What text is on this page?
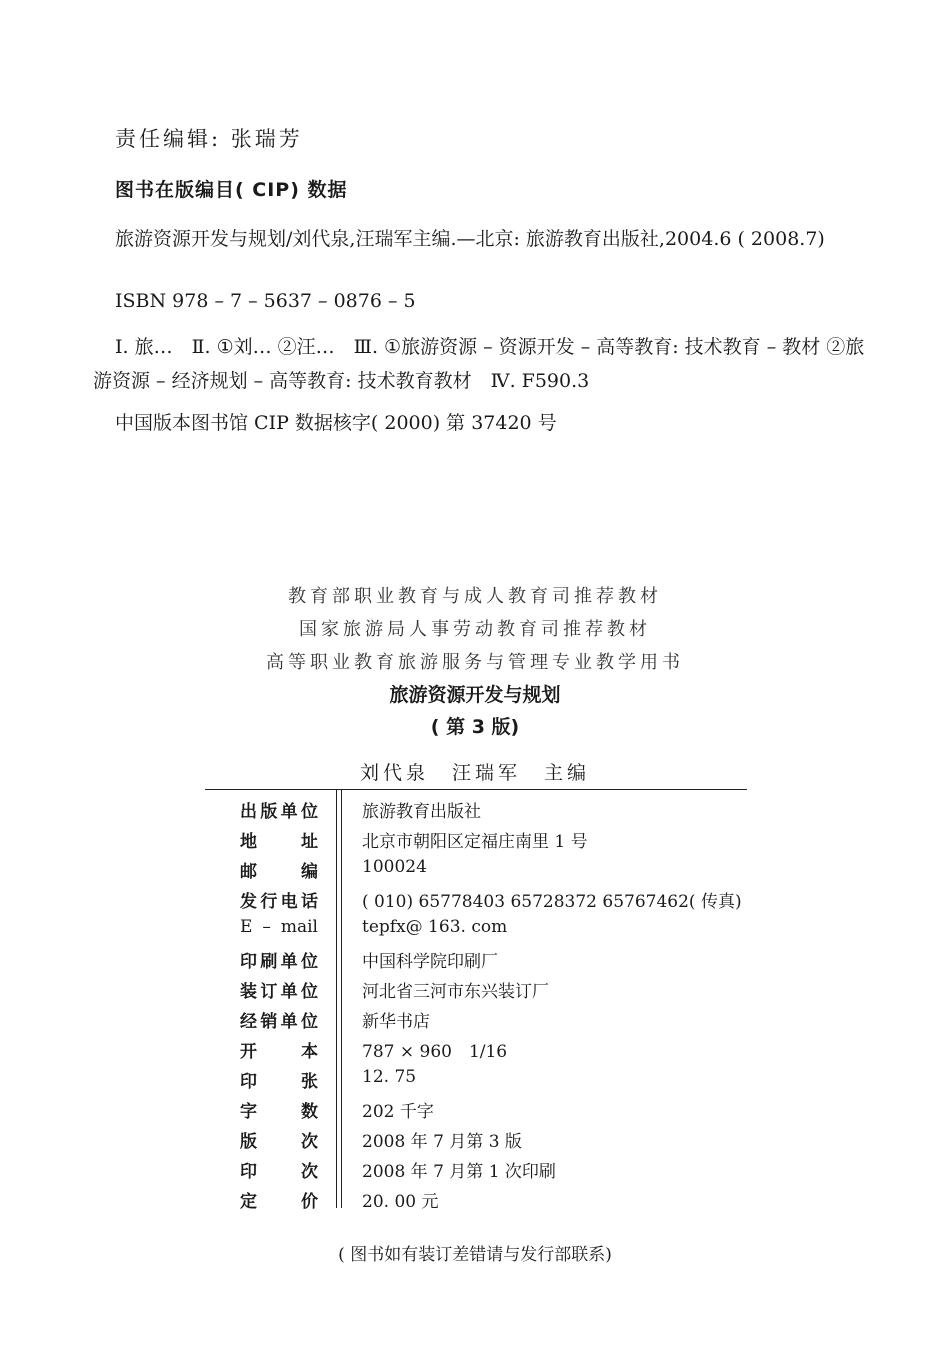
责任编辑: 张瑞芳
图书在版编目( CIP) 数据
旅游资源开发与规划/刘代泉,汪瑞军主编.—北京: 旅游教育出版社,2004.6 ( 2008.7)
ISBN 978 – 7 – 5637 – 0876 – 5
Ⅰ. 旅…　Ⅱ. ①刘… ②汪…　Ⅲ. ①旅游资源 – 资源开发 – 高等教育: 技术教育 – 教材 ②旅游资源 – 经济规划 – 高等教育: 技术教育教材　Ⅳ. F590.3
中国版本图书馆 CIP 数据核字( 2000) 第 37420 号
教育部职业教育与成人教育司推荐教材
国家旅游局人事劳动教育司推荐教材
高等职业教育旅游服务与管理专业教学用书
旅游资源开发与规划
( 第 3 版)
刘代泉　汪瑞军　主编
出版单位	旅游教育出版社
地　　址	北京市朝阳区定福庄南里 1 号
邮　　编	100024
发行电话	( 010) 65778403 65728372 65767462( 传真)
E – mail	tepfx@ 163. com
印刷单位	中国科学院印刷厂
装订单位	河北省三河市东兴装订厂
经销单位	新华书店
开　　本	787 × 960　1/16
印　　张	12. 75
字　　数	202 千字
版　　次	2008 年 7 月第 3 版
印　　次	2008 年 7 月第 1 次印刷
定　　价	20. 00 元
( 图书如有装订差错请与发行部联系)
